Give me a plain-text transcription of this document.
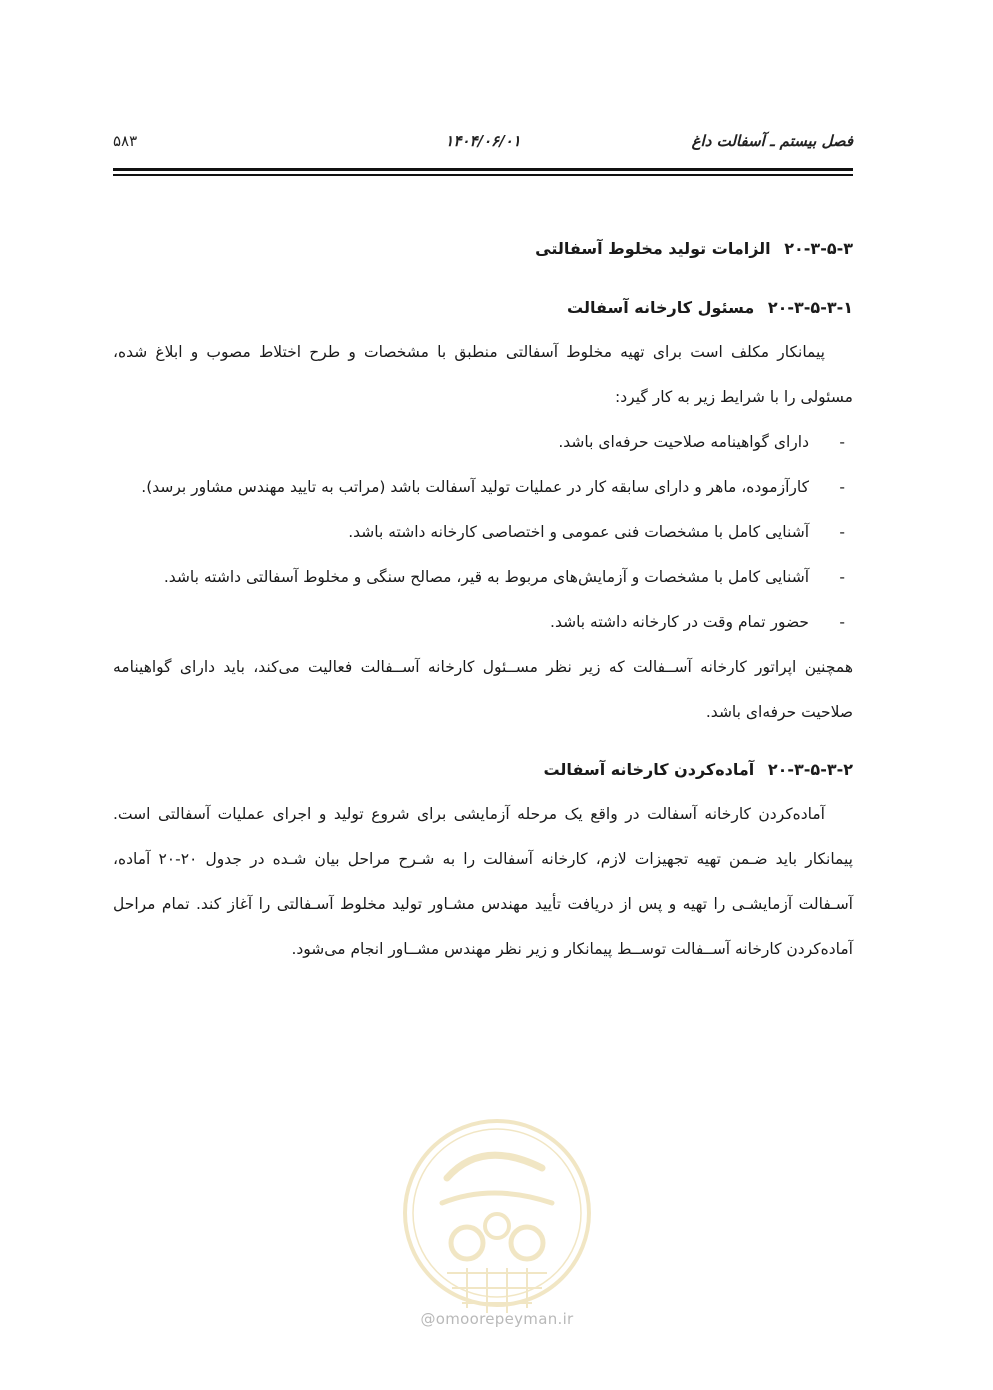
فصل بیستم ـ آسفالت داغ
۱۴۰۴/۰۶/۰۱
۵۸۳
۲۰-۳-۵-۳ الزامات تولید مخلوط آسفالتی
۲۰-۳-۵-۳-۱ مسئول کارخانه آسفالت

پیمانکار مکلف است برای تهیه مخلوط آسفالتی منطبق با مشخصات و طرح اختلاط مصوب و ابلاغ شده، مسئولی را با شرایط زیر به کار گیرد:

- دارای گواهینامه صلاحیت حرفه‌ای باشد.
- کارآزموده، ماهر و دارای سابقه کار در عملیات تولید آسفالت باشد (مراتب به تایید مهندس مشاور برسد).
- آشنایی کامل با مشخصات فنی عمومی و اختصاصی کارخانه داشته باشد.
- آشنایی کامل با مشخصات و آزمایش‌های مربوط به قیر، مصالح سنگی و مخلوط آسفالتی داشته باشد.
- حضور تمام وقت در کارخانه داشته باشد.

همچنین اپراتور کارخانه آســفالت که زیر نظر مســئول کارخانه آســفالت فعالیت می‌کند، باید دارای گواهینامه صلاحیت حرفه‌ای باشد.

۲۰-۳-۵-۳-۲ آماده‌کردن کارخانه آسفالت

آماده‌کردن کارخانه آسفالت در واقع یک مرحله آزمایشی برای شروع تولید و اجرای عملیات آسفالتی است. پیمانکار باید ضـمن تهیه تجهیزات لازم، کارخانه آسفالت را به شـرح مراحل بیان شـده در جدول ۲۰-۲۰ آماده، آسـفالت آزمایشـی را تهیه و پس از دریافت تأیید مهندس مشـاور تولید مخلوط آسـفالتی را آغاز کند. تمام مراحل آماده‌کردن کارخانه آســفالت توســط پیمانکار و زیر نظر مهندس مشــاور انجام می‌شود.

@omoorepeyman.ir
